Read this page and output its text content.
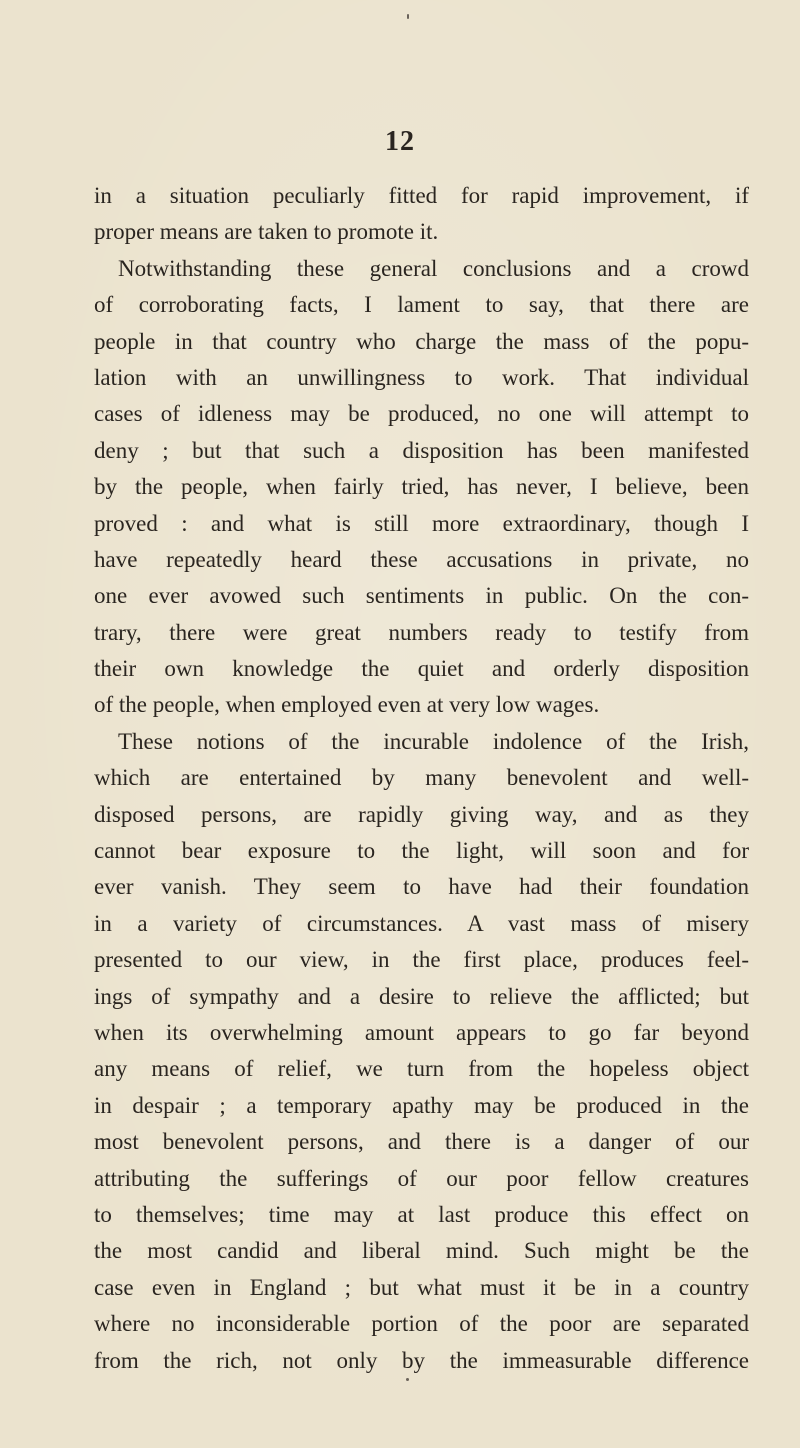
12
in a situation peculiarly fitted for rapid improvement, if
proper means are taken to promote it.
Notwithstanding these general conclusions and a crowd
of corroborating facts, I lament to say, that there are
people in that country who charge the mass of the popu-
lation with an unwillingness to work. That individual
cases of idleness may be produced, no one will attempt to
deny ; but that such a disposition has been manifested
by the people, when fairly tried, has never, I believe, been
proved : and what is still more extraordinary, though I
have repeatedly heard these accusations in private, no
one ever avowed such sentiments in public. On the con-
trary, there were great numbers ready to testify from
their own knowledge the quiet and orderly disposition
of the people, when employed even at very low wages.
These notions of the incurable indolence of the Irish,
which are entertained by many benevolent and well-
disposed persons, are rapidly giving way, and as they
cannot bear exposure to the light, will soon and for
ever vanish. They seem to have had their foundation
in a variety of circumstances. A vast mass of misery
presented to our view, in the first place, produces feel-
ings of sympathy and a desire to relieve the afflicted; but
when its overwhelming amount appears to go far beyond
any means of relief, we turn from the hopeless object
in despair ; a temporary apathy may be produced in the
most benevolent persons, and there is a danger of our
attributing the sufferings of our poor fellow creatures
to themselves; time may at last produce this effect on
the most candid and liberal mind. Such might be the
case even in England ; but what must it be in a country
where no inconsiderable portion of the poor are separated
from the rich, not only by the immeasurable difference
